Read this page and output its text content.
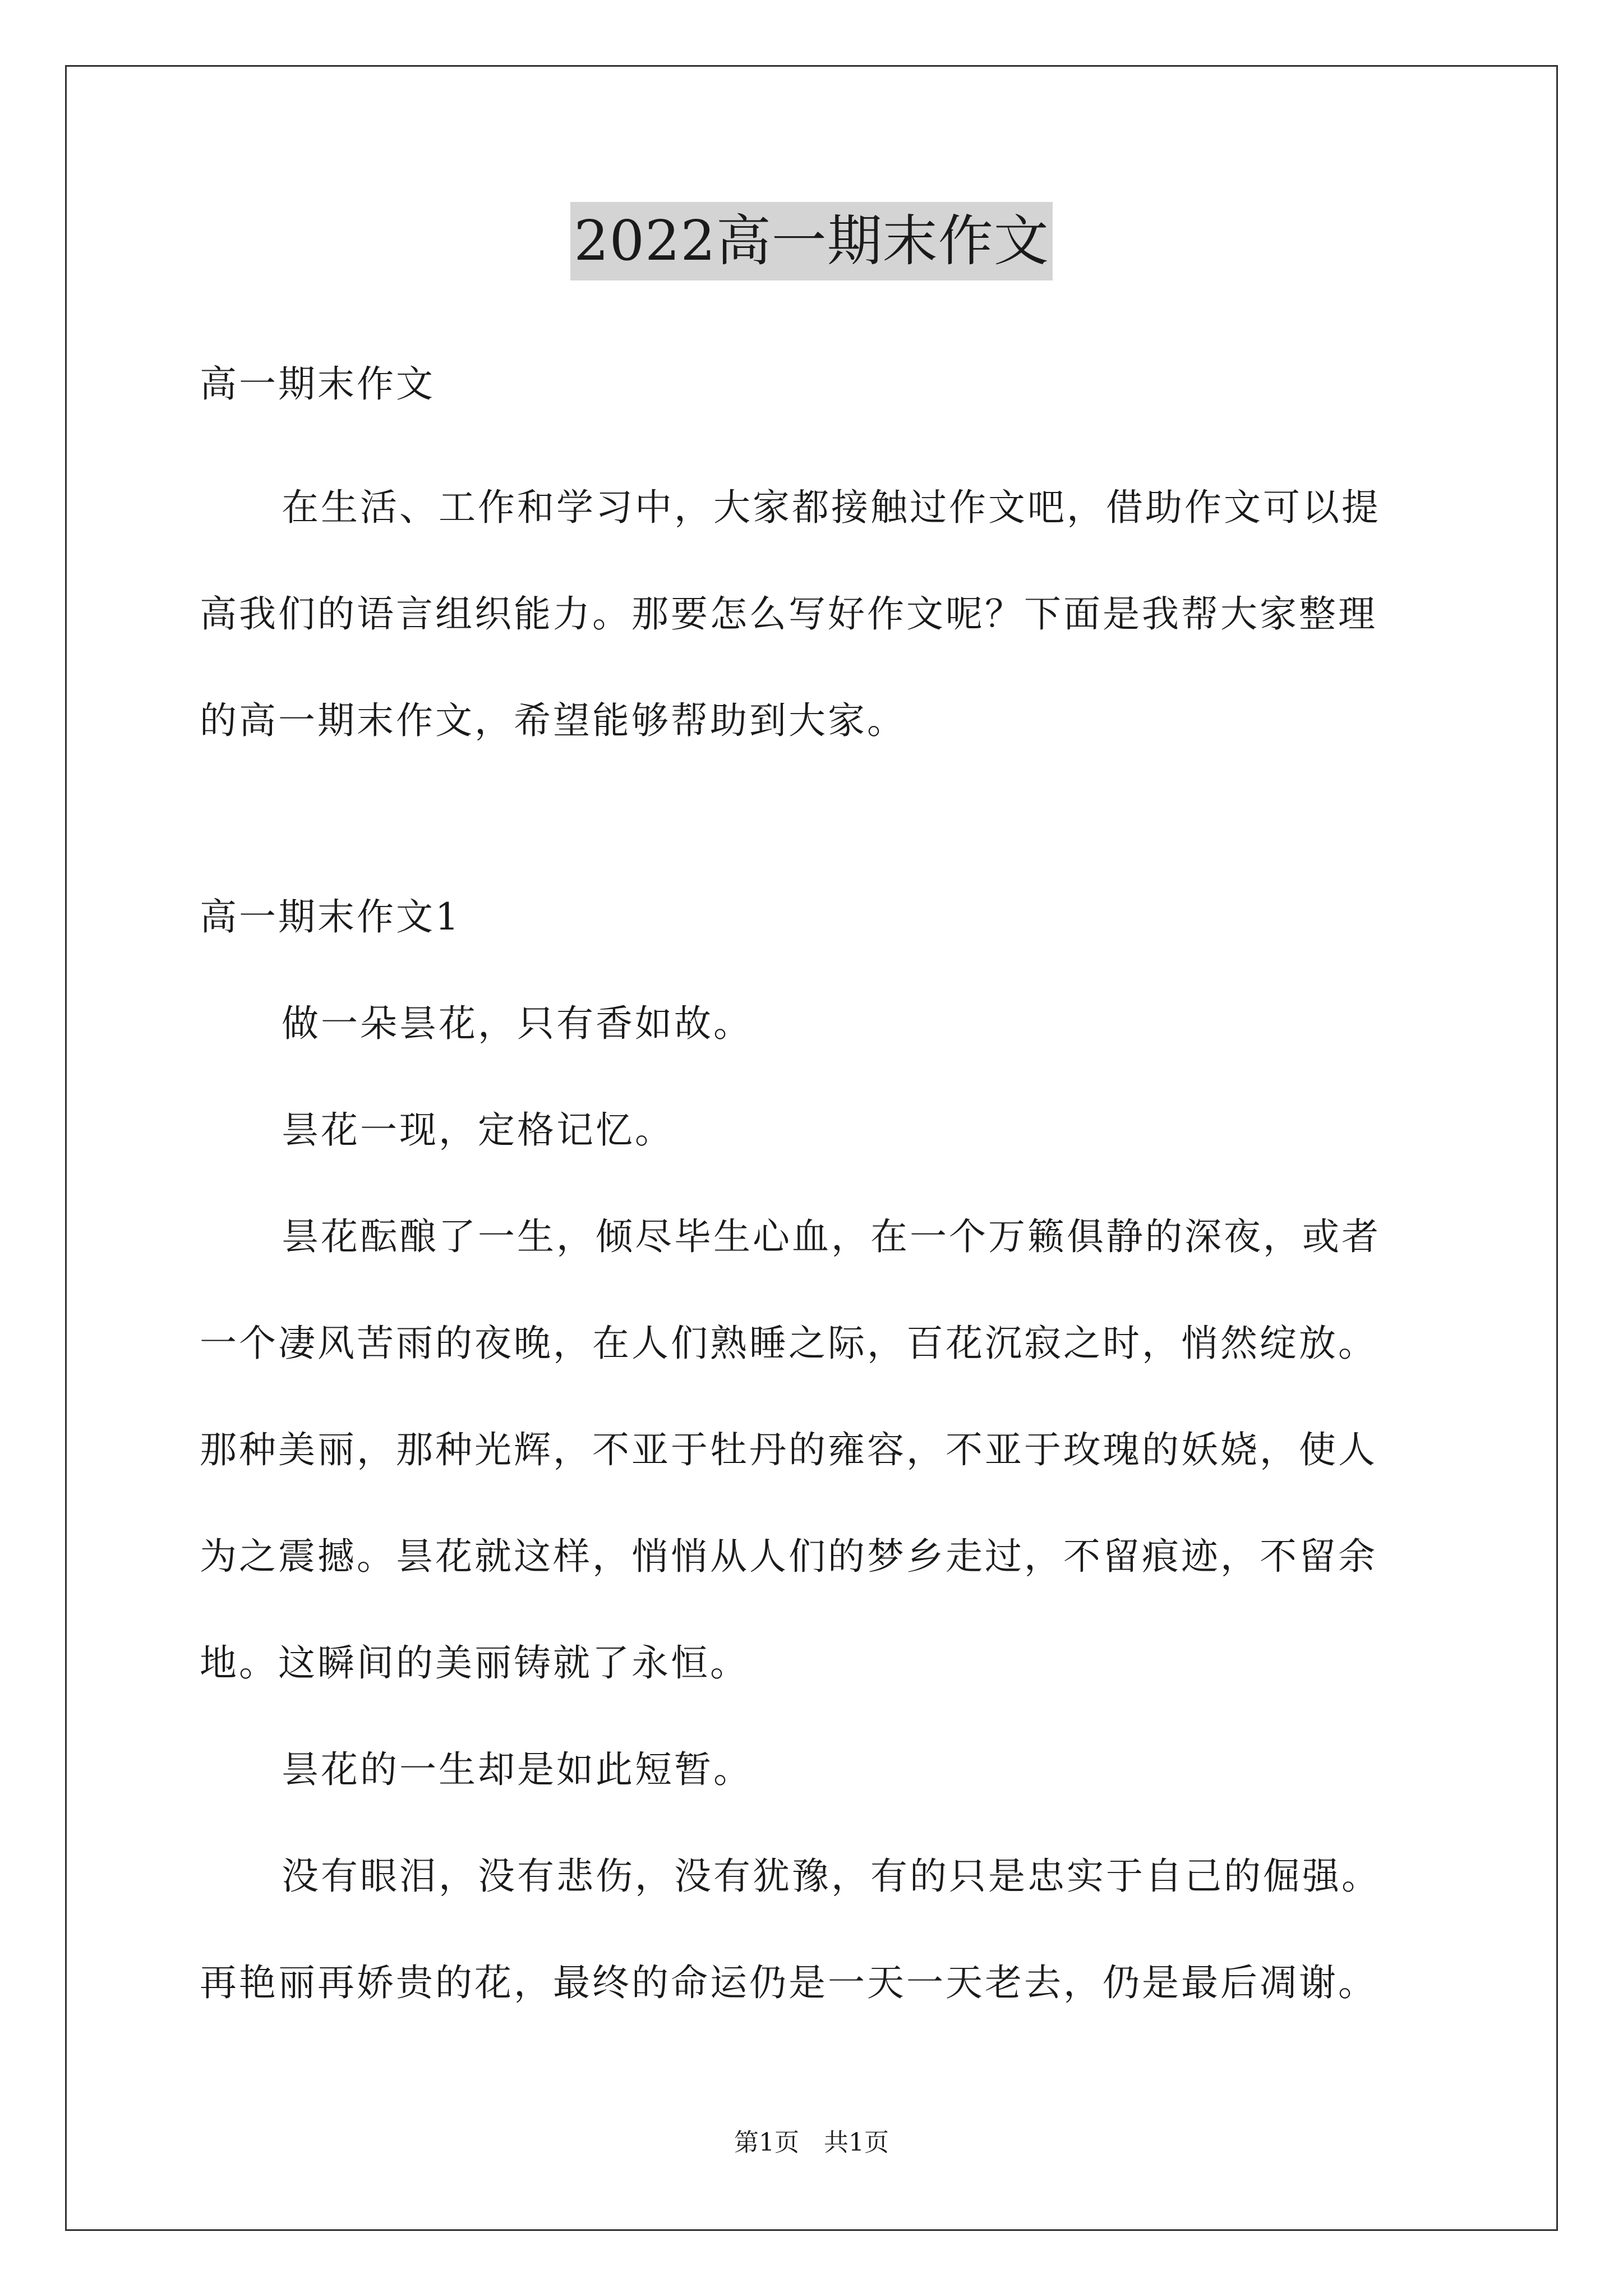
2022高一期末作文
高一期末作文
在生活、工作和学习中，大家都接触过作文吧，借助作文可以提
高我们的语言组织能力。那要怎么写好作文呢？下面是我帮大家整理
的高一期末作文，希望能够帮助到大家。
高一期末作文1
做一朵昙花，只有香如故。
昙花一现，定格记忆。
昙花酝酿了一生，倾尽毕生心血，在一个万籁俱静的深夜，或者
一个凄风苦雨的夜晚，在人们熟睡之际，百花沉寂之时，悄然绽放。
那种美丽，那种光辉，不亚于牡丹的雍容，不亚于玫瑰的妖娆，使人
为之震撼。昙花就这样，悄悄从人们的梦乡走过，不留痕迹，不留余
地。这瞬间的美丽铸就了永恒。
昙花的一生却是如此短暂。
没有眼泪，没有悲伤，没有犹豫，有的只是忠实于自己的倔强。
再艳丽再娇贵的花，最终的命运仍是一天一天老去，仍是最后凋谢。
第1页　共1页
